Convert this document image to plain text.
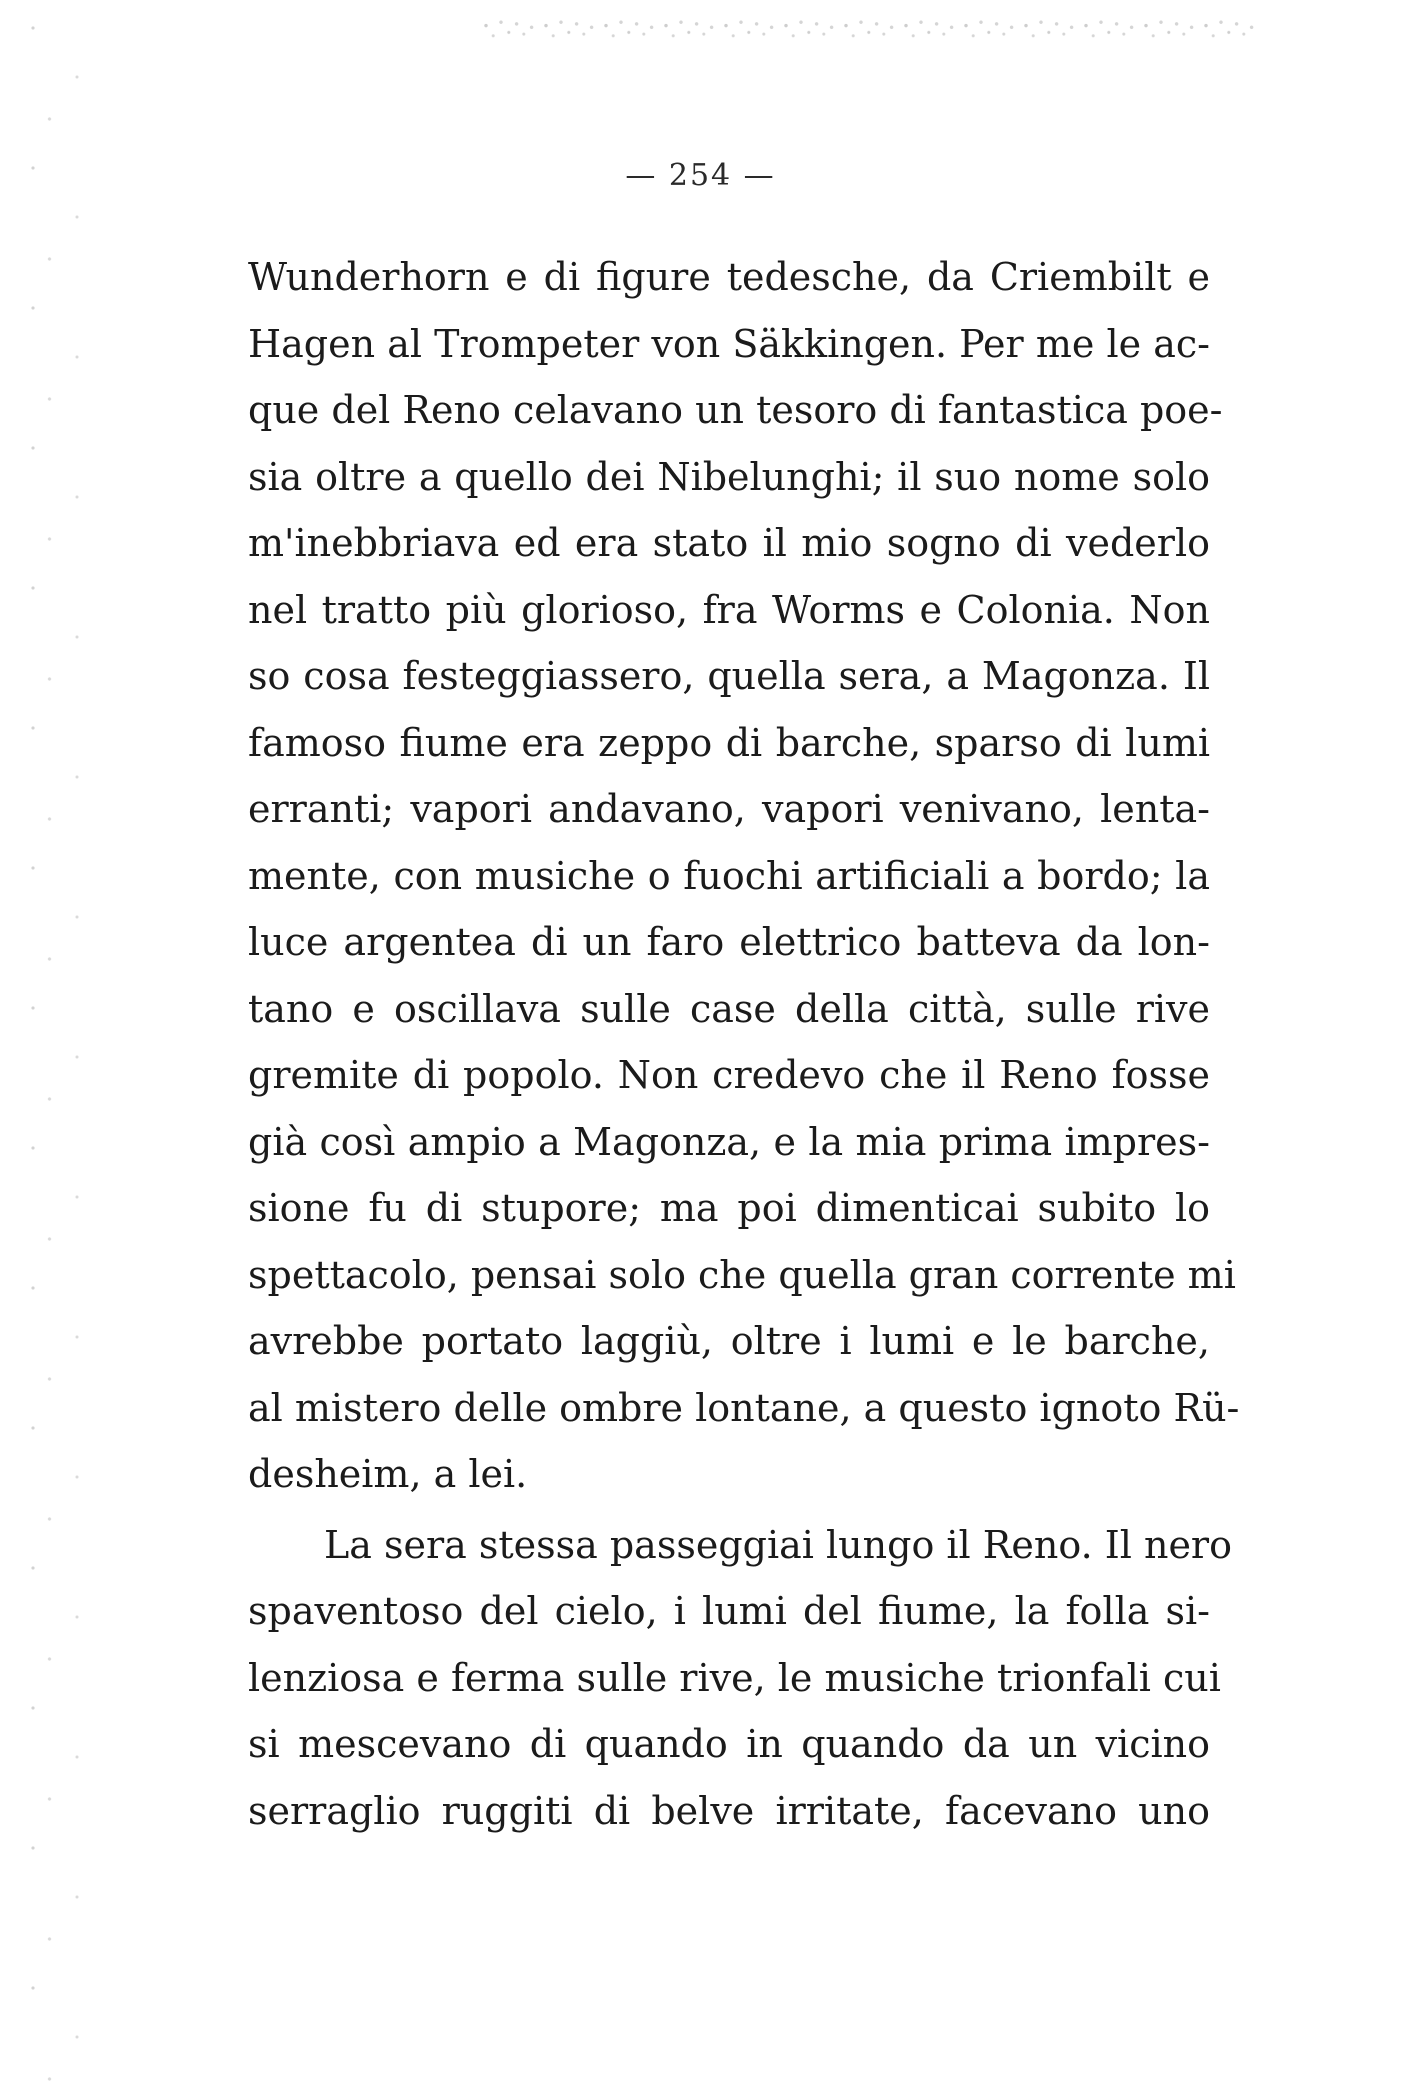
— 254 —
Wunderhorn e di figure tedesche, da Criembilt e
Hagen al Trompeter von Säkkingen. Per me le ac-
que del Reno celavano un tesoro di fantastica poe-
sia oltre a quello dei Nibelunghi; il suo nome solo
m'inebbriava ed era stato il mio sogno di vederlo
nel tratto più glorioso, fra Worms e Colonia. Non
so cosa festeggiassero, quella sera, a Magonza. Il
famoso fiume era zeppo di barche, sparso di lumi
erranti; vapori andavano, vapori venivano, lenta-
mente, con musiche o fuochi artificiali a bordo; la
luce argentea di un faro elettrico batteva da lon-
tano e oscillava sulle case della città, sulle rive
gremite di popolo. Non credevo che il Reno fosse
già così ampio a Magonza, e la mia prima impres-
sione fu di stupore; ma poi dimenticai subito lo
spettacolo, pensai solo che quella gran corrente mi
avrebbe portato laggiù, oltre i lumi e le barche,
al mistero delle ombre lontane, a questo ignoto Rü-
desheim, a lei.
La sera stessa passeggiai lungo il Reno. Il nero
spaventoso del cielo, i lumi del fiume, la folla si-
lenziosa e ferma sulle rive, le musiche trionfali cui
si mescevano di quando in quando da un vicino
serraglio ruggiti di belve irritate, facevano uno
